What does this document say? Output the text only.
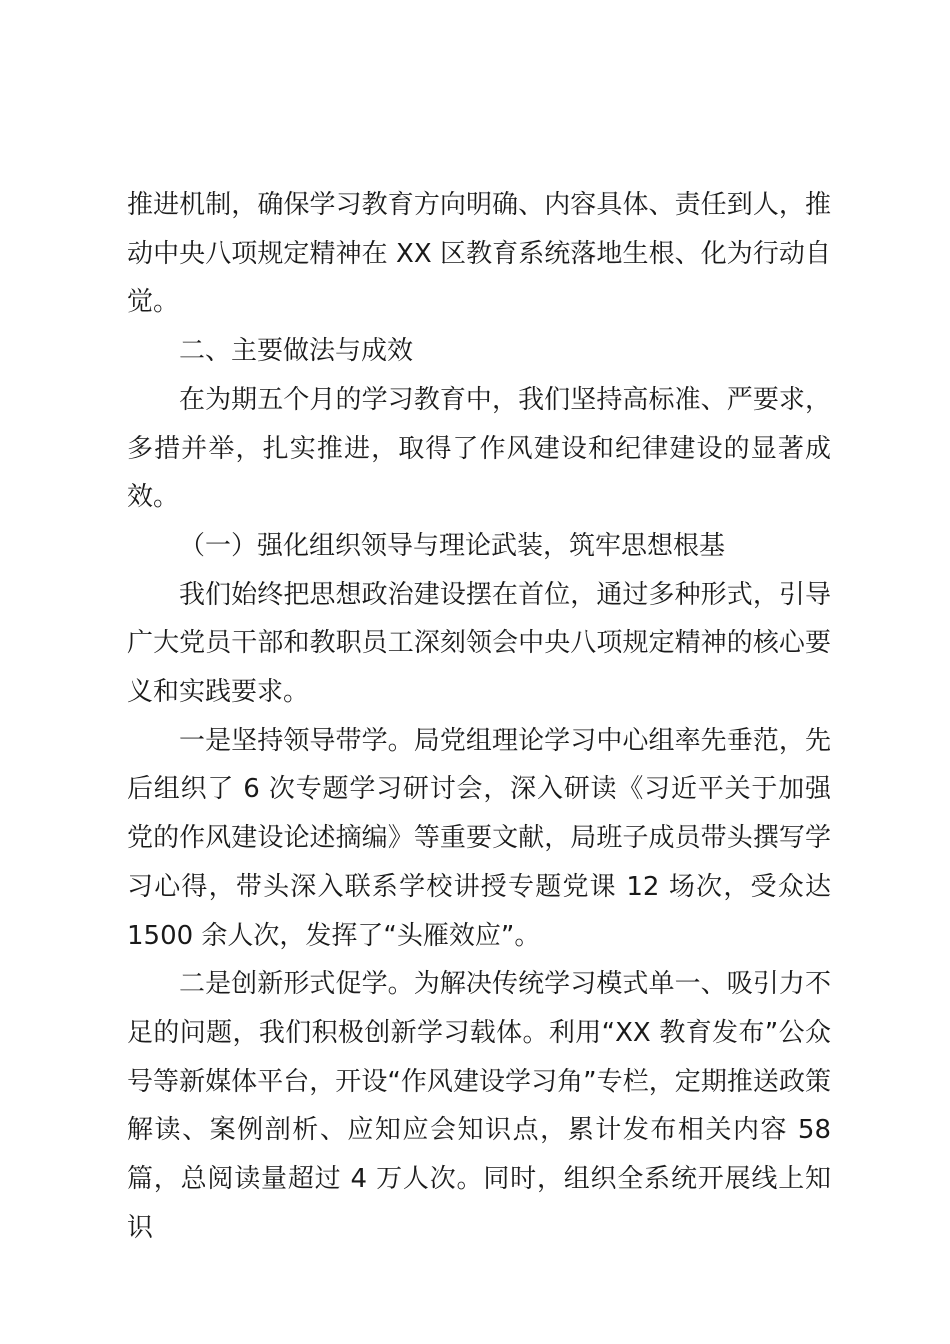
推进机制，确保学习教育方向明确、内容具体、责任到人，推动中央八项规定精神在 XX 区教育系统落地生根、化为行动自觉。

二、主要做法与成效

在为期五个月的学习教育中，我们坚持高标准、严要求，多措并举，扎实推进，取得了作风建设和纪律建设的显著成效。

（一）强化组织领导与理论武装，筑牢思想根基

我们始终把思想政治建设摆在首位，通过多种形式，引导广大党员干部和教职员工深刻领会中央八项规定精神的核心要义和实践要求。

一是坚持领导带学。局党组理论学习中心组率先垂范，先后组织了 6 次专题学习研讨会，深入研读《习近平关于加强党的作风建设论述摘编》等重要文献，局班子成员带头撰写学习心得，带头深入联系学校讲授专题党课 12 场次，受众达 1500 余人次，发挥了“头雁效应”。

二是创新形式促学。为解决传统学习模式单一、吸引力不足的问题，我们积极创新学习载体。利用“XX 教育发布”公众号等新媒体平台，开设“作风建设学习角”专栏，定期推送政策解读、案例剖析、应知应会知识点，累计发布相关内容 58 篇，总阅读量超过 4 万人次。同时，组织全系统开展线上知识
